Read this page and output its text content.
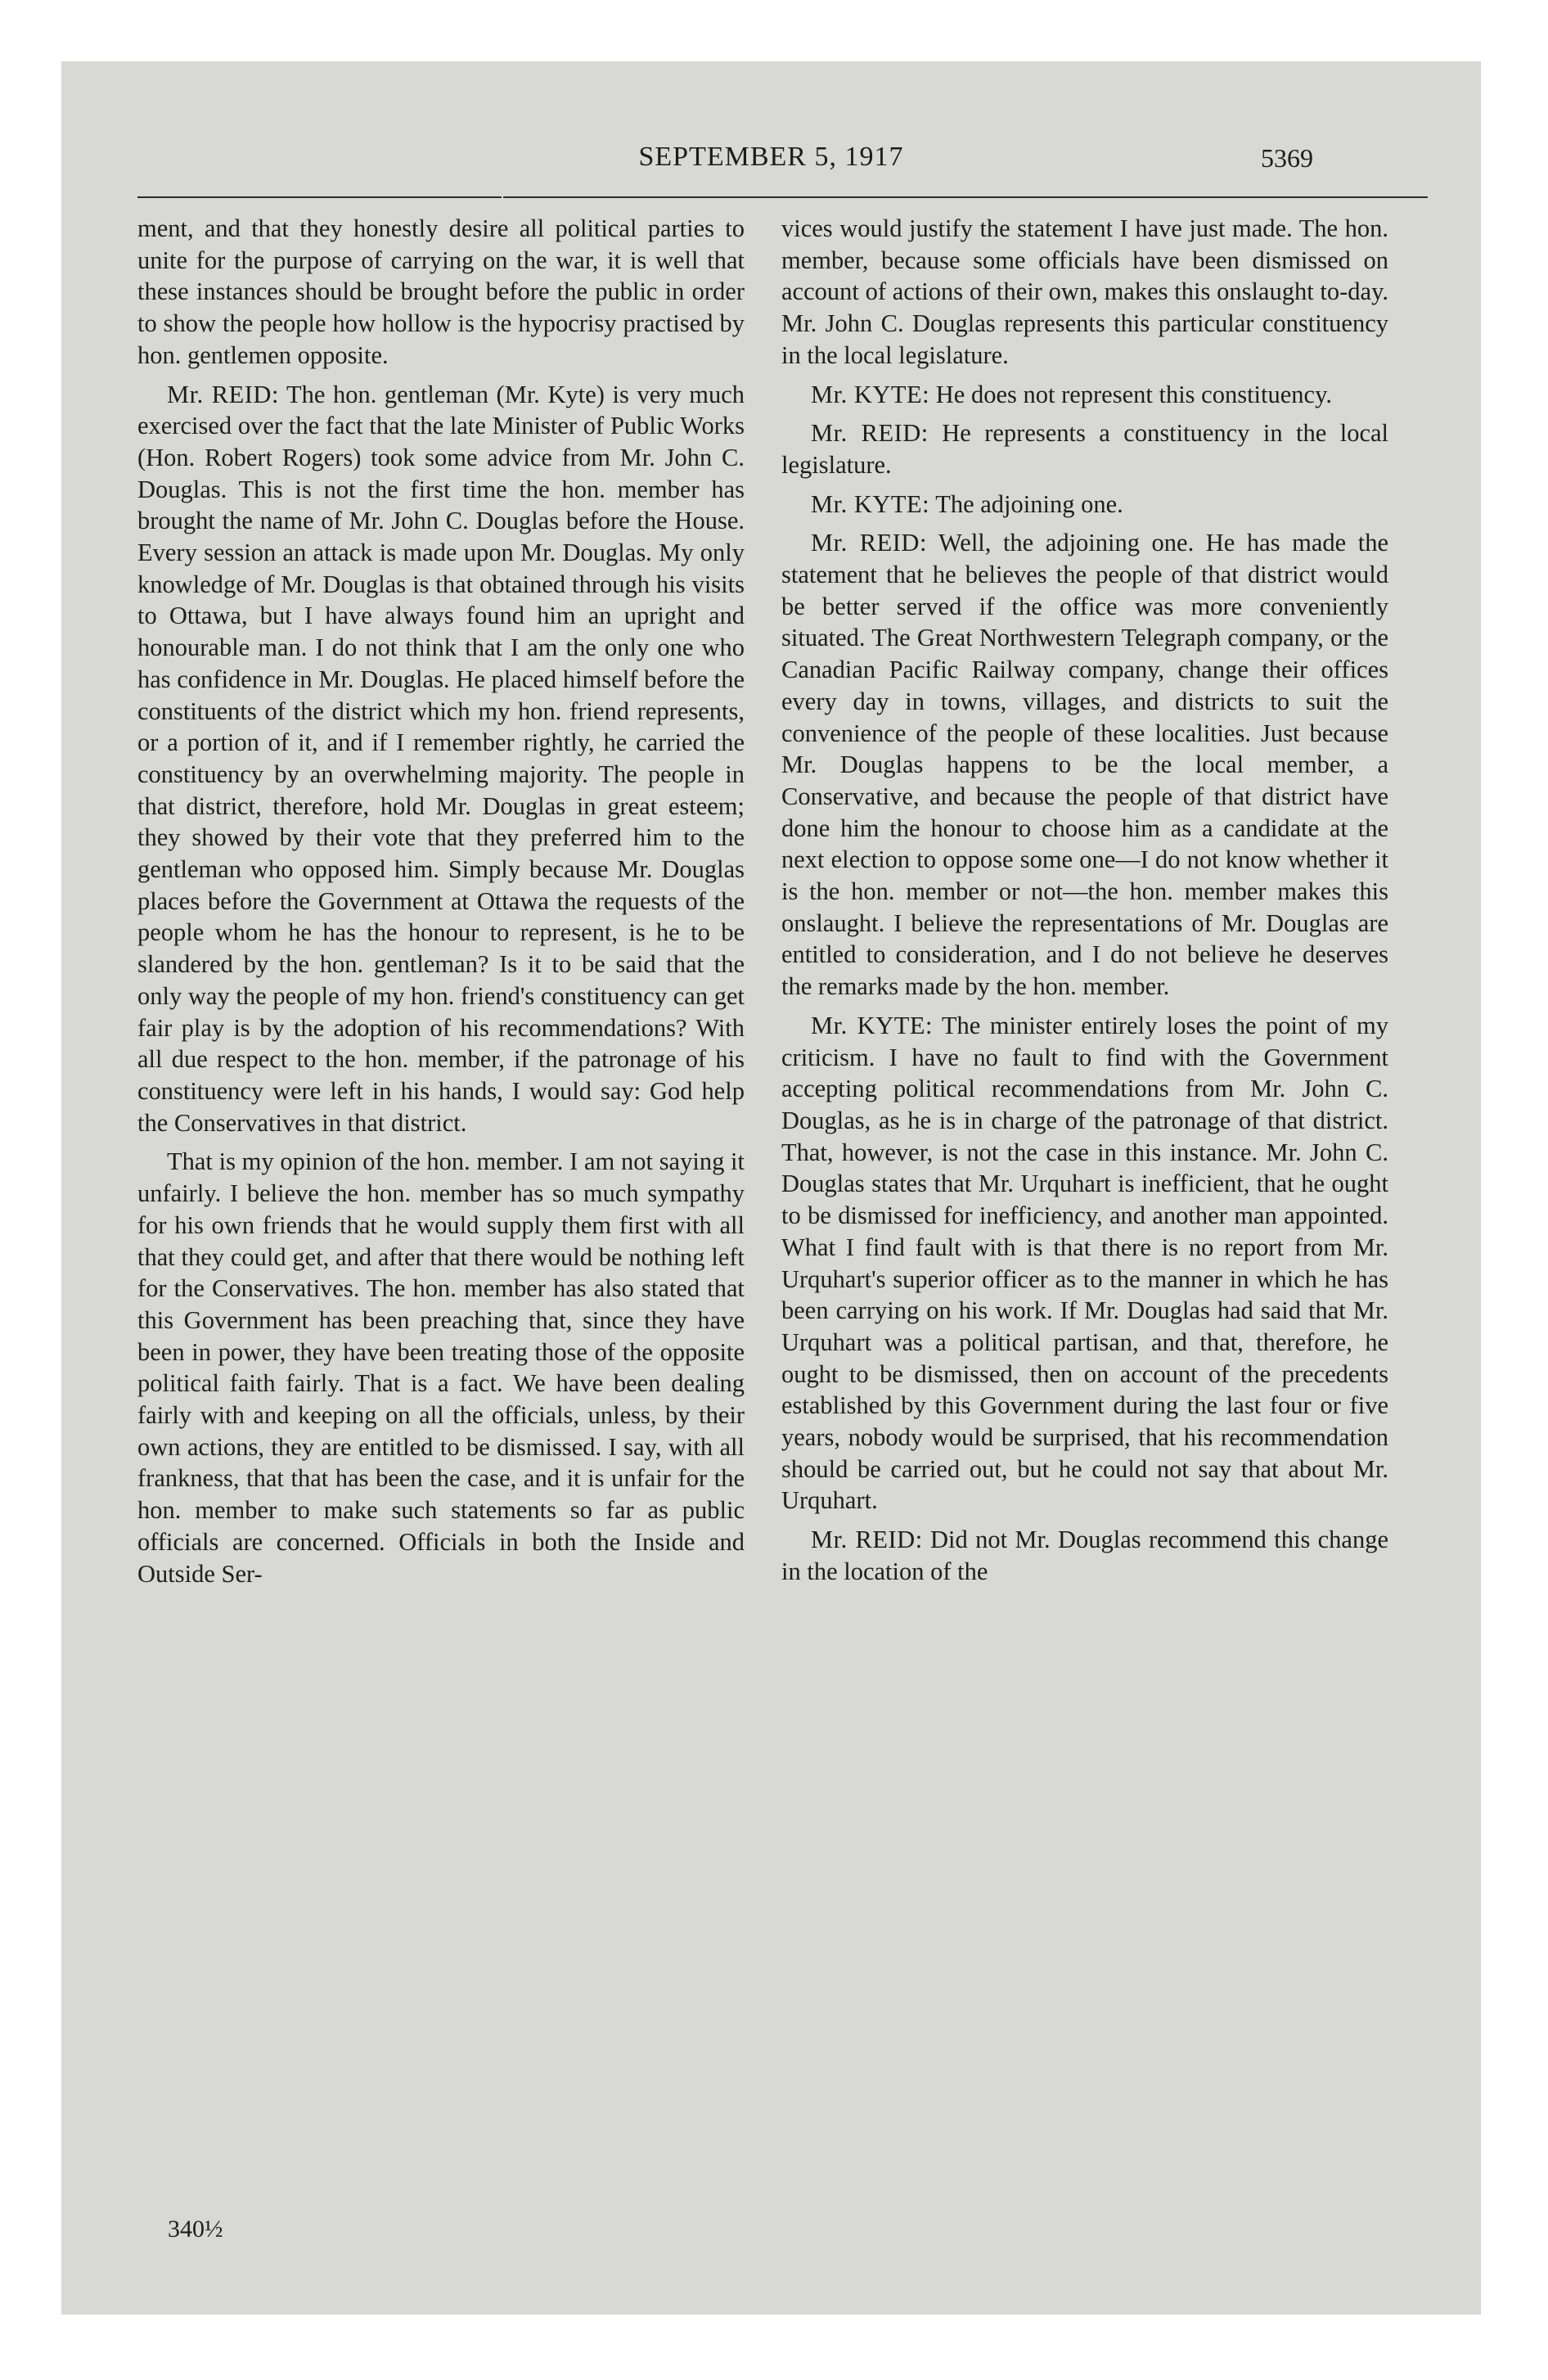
SEPTEMBER 5, 1917	5369

ment, and that they honestly desire all political parties to unite for the purpose of carrying on the war, it is well that these instances should be brought before the public in order to show the people how hollow is the hypocrisy practised by hon. gentlemen opposite.

Mr. REID: The hon. gentleman (Mr. Kyte) is very much exercised over the fact that the late Minister of Public Works (Hon. Robert Rogers) took some advice from Mr. John C. Douglas. This is not the first time the hon. member has brought the name of Mr. John C. Douglas before the House. Every session an attack is made upon Mr. Douglas. My only knowledge of Mr. Douglas is that obtained through his visits to Ottawa, but I have always found him an upright and honourable man. I do not think that I am the only one who has confidence in Mr. Douglas. He placed himself before the constituents of the district which my hon. friend represents, or a portion of it, and if I remember rightly, he carried the constituency by an overwhelming majority. The people in that district, therefore, hold Mr. Douglas in great esteem; they showed by their vote that they preferred him to the gentleman who opposed him. Simply because Mr. Douglas places before the Government at Ottawa the requests of the people whom he has the honour to represent, is he to be slandered by the hon. gentleman? Is it to be said that the only way the people of my hon. friend's constituency can get fair play is by the adoption of his recommendations? With all due respect to the hon. member, if the patronage of his constituency were left in his hands, I would say: God help the Conservatives in that district.

That is my opinion of the hon. member. I am not saying it unfairly. I believe the hon. member has so much sympathy for his own friends that he would supply them first with all that they could get, and after that there would be nothing left for the Conservatives. The hon. member has also stated that this Government has been preaching that, since they have been in power, they have been treating those of the opposite political faith fairly. That is a fact. We have been dealing fairly with and keeping on all the officials, unless, by their own actions, they are entitled to be dismissed. I say, with all frankness, that that has been the case, and it is unfair for the hon. member to make such statements so far as public officials are concerned. Officials in both the Inside and Outside Ser-

vices would justify the statement I have just made. The hon. member, because some officials have been dismissed on account of actions of their own, makes this onslaught to-day. Mr. John C. Douglas represents this particular constituency in the local legislature.

Mr. KYTE: He does not represent this constituency.

Mr. REID: He represents a constituency in the local legislature.

Mr. KYTE: The adjoining one.

Mr. REID: Well, the adjoining one. He has made the statement that he believes the people of that district would be better served if the office was more conveniently situated. The Great Northwestern Telegraph company, or the Canadian Pacific Railway company, change their offices every day in towns, villages, and districts to suit the convenience of the people of these localities. Just because Mr. Douglas happens to be the local member, a Conservative, and because the people of that district have done him the honour to choose him as a candidate at the next election to oppose some one—I do not know whether it is the hon. member or not—the hon. member makes this onslaught. I believe the representations of Mr. Douglas are entitled to consideration, and I do not believe he deserves the remarks made by the hon. member.

Mr. KYTE: The minister entirely loses the point of my criticism. I have no fault to find with the Government accepting political recommendations from Mr. John C. Douglas, as he is in charge of the patronage of that district. That, however, is not the case in this instance. Mr. John C. Douglas states that Mr. Urquhart is inefficient, that he ought to be dismissed for inefficiency, and another man appointed. What I find fault with is that there is no report from Mr. Urquhart's superior officer as to the manner in which he has been carrying on his work. If Mr. Douglas had said that Mr. Urquhart was a political partisan, and that, therefore, he ought to be dismissed, then on account of the precedents established by this Government during the last four or five years, nobody would be surprised, that his recommendation should be carried out, but he could not say that about Mr. Urquhart.

Mr. REID: Did not Mr. Douglas recommend this change in the location of the

340½
